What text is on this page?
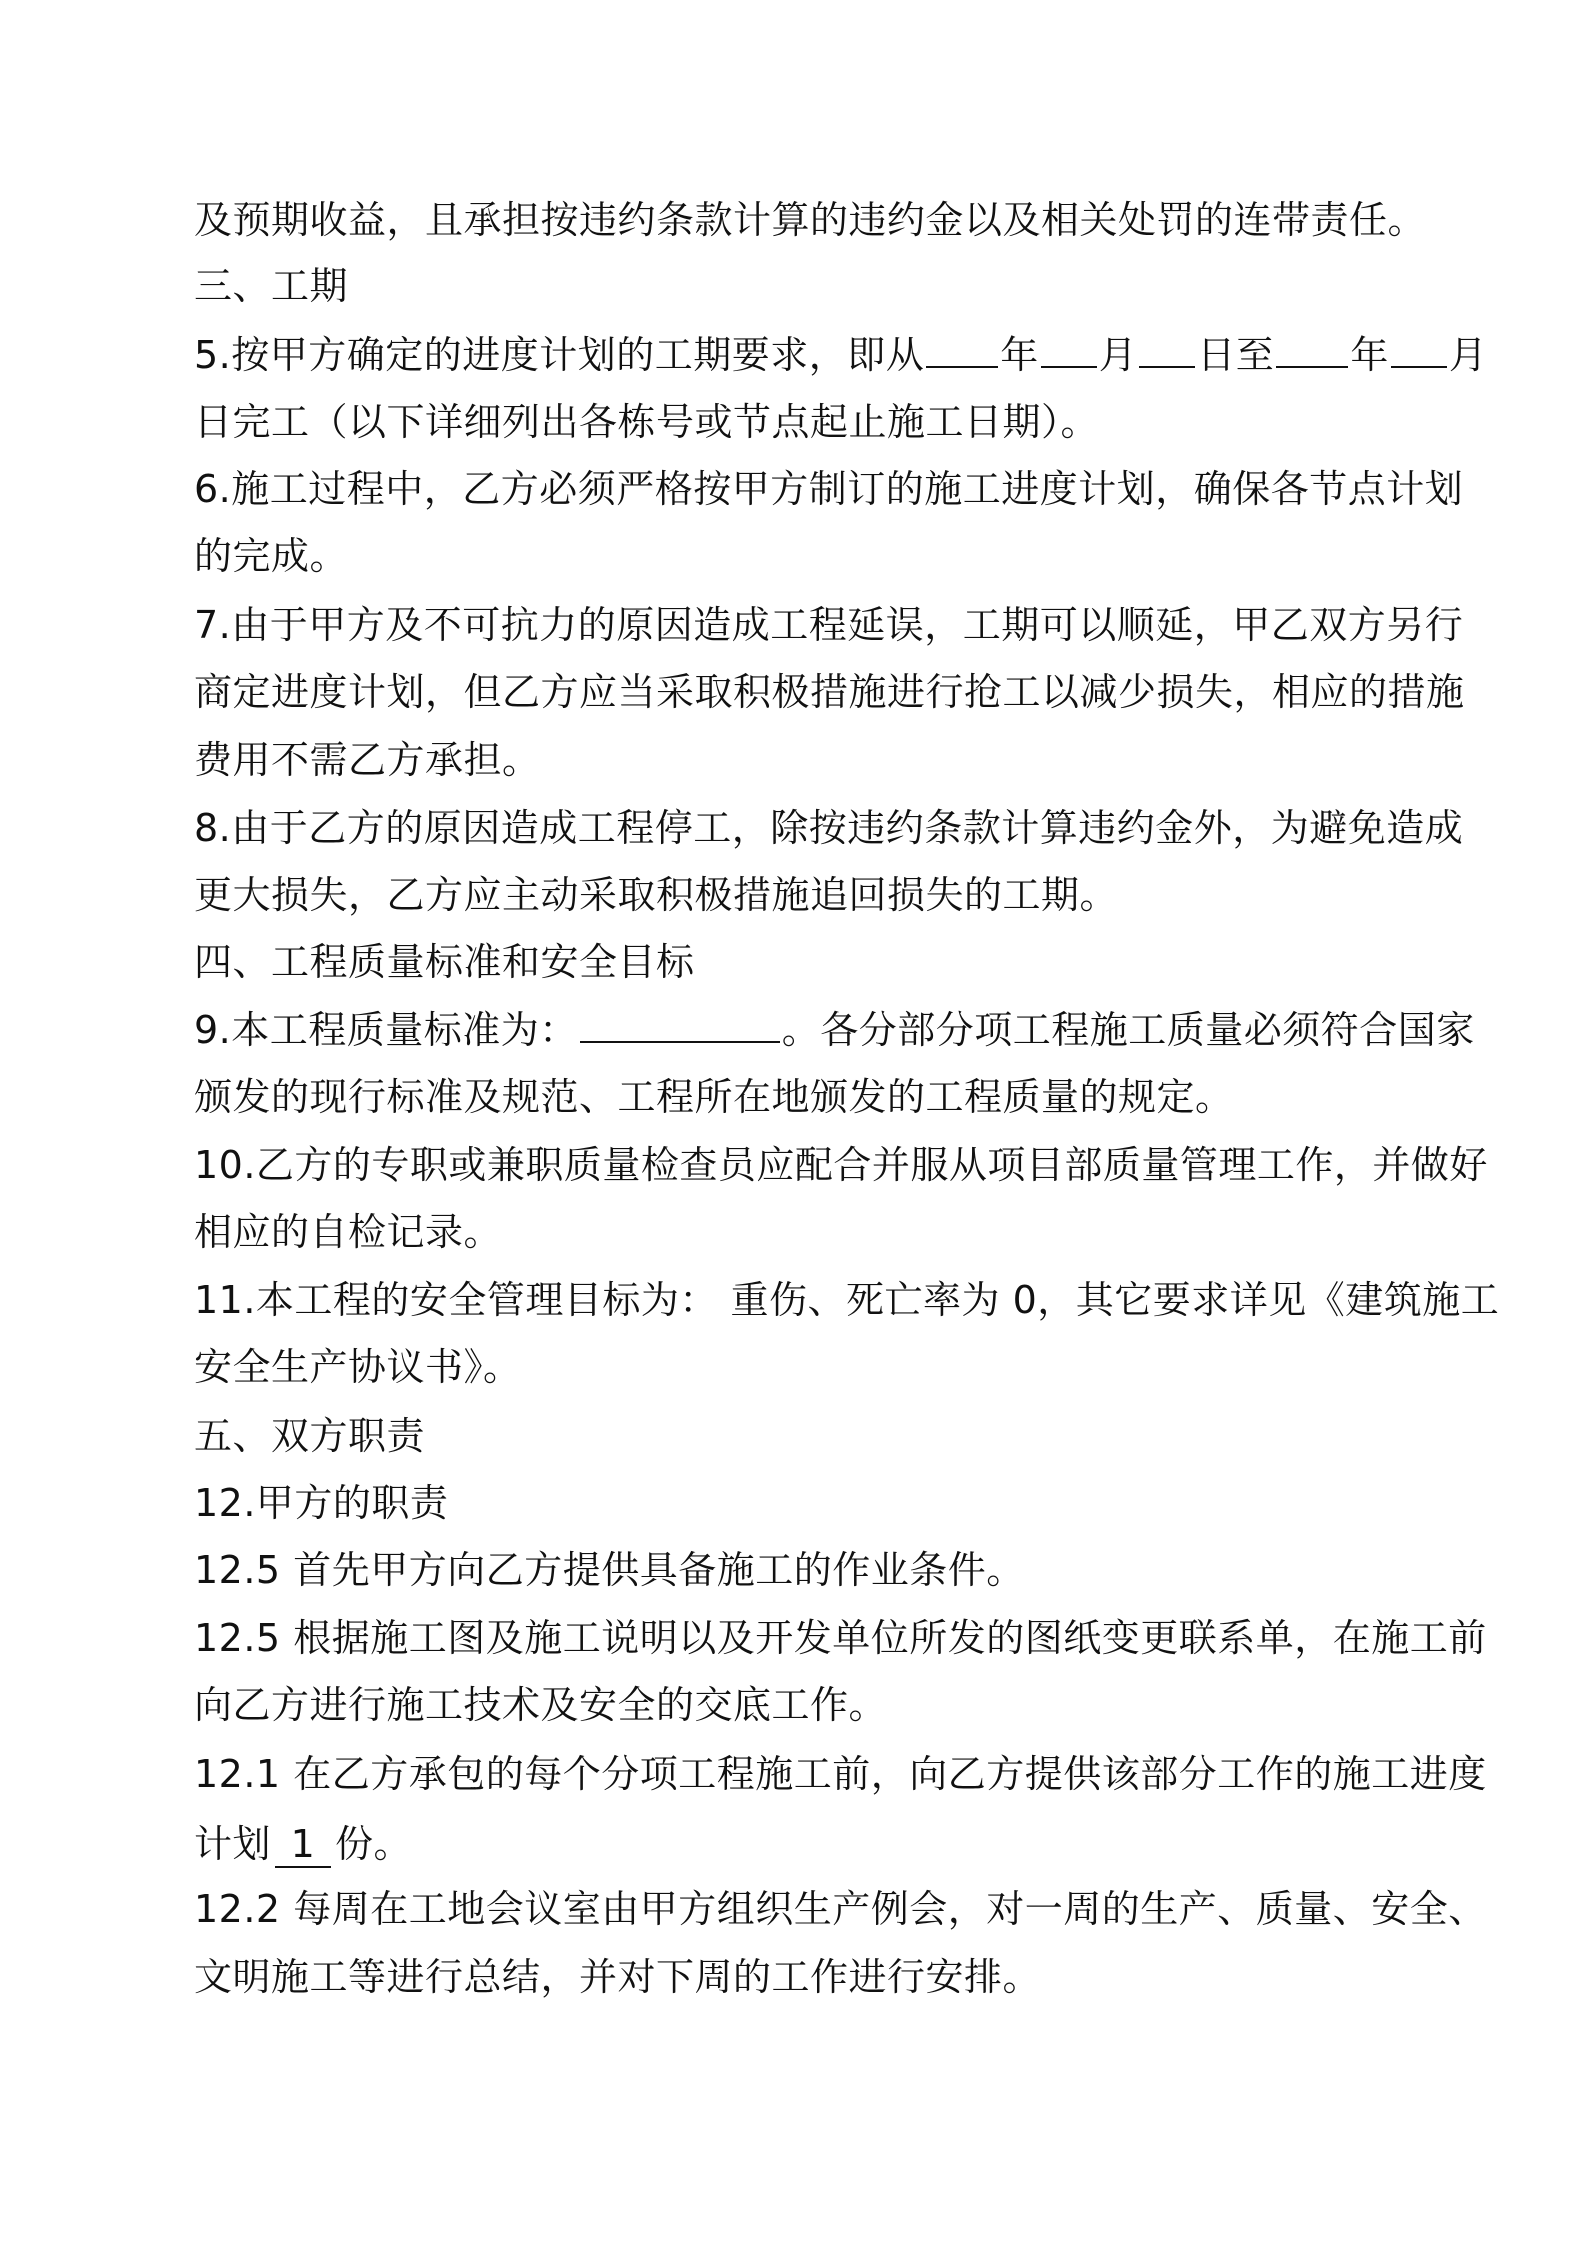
及预期收益，且承担按违约条款计算的违约金以及相关处罚的连带责任。
三、工期
5.按甲方确定的进度计划的工期要求，即从 年 月 日至 年 月
日完工（以下详细列出各栋号或节点起止施工日期）。
6.施工过程中，乙方必须严格按甲方制订的施工进度计划，确保各节点计划
的完成。
7.由于甲方及不可抗力的原因造成工程延误，工期可以顺延，甲乙双方另行
商定进度计划，但乙方应当采取积极措施进行抢工以减少损失，相应的措施
费用不需乙方承担。
8.由于乙方的原因造成工程停工，除按违约条款计算违约金外，为避免造成
更大损失，乙方应主动采取积极措施追回损失的工期。
四、工程质量标准和安全目标
9.本工程质量标准为：	。各分部分项工程施工质量必须符合国家
颁发的现行标准及规范、工程所在地颁发的工程质量的规定。
10.乙方的专职或兼职质量检查员应配合并服从项目部质量管理工作，并做好
相应的自检记录。
11.本工程的安全管理目标为： 重伤、死亡率为 0，其它要求详见《建筑施工
安全生产协议书》。
五、双方职责
12.甲方的职责
12.5 首先甲方向乙方提供具备施工的作业条件。
12.5 根据施工图及施工说明以及开发单位所发的图纸变更联系单，在施工前
向乙方进行施工技术及安全的交底工作。
12.1 在乙方承包的每个分项工程施工前，向乙方提供该部分工作的施工进度
计划 1 份。
12.2 每周在工地会议室由甲方组织生产例会，对一周的生产、质量、安全、
文明施工等进行总结，并对下周的工作进行安排。
